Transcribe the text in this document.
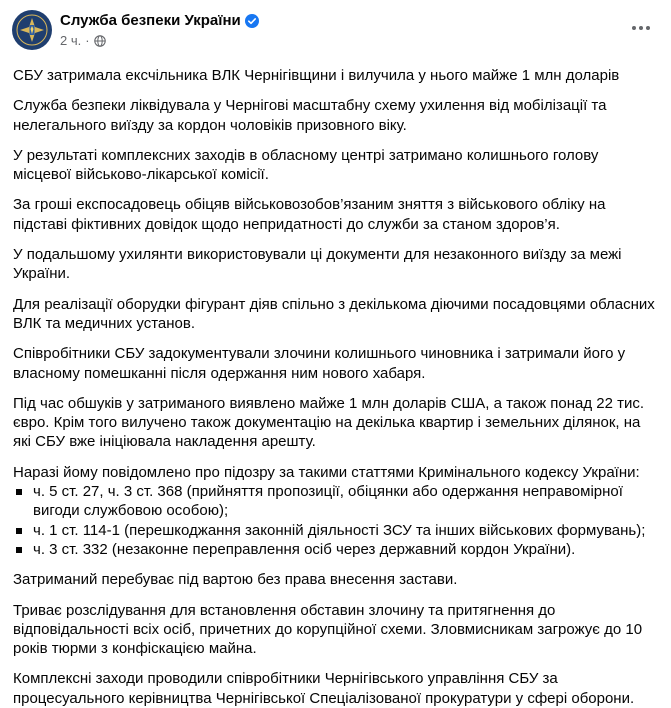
Служба безпеки України
2 ч. ·

СБУ затримала ексчільника ВЛК Чернігівщини і вилучила у нього майже 1 млн доларів

Служба безпеки ліквідувала у Чернігові масштабну схему ухилення від мобілізації та нелегального виїзду за кордон чоловіків призовного віку.

У результаті комплексних заходів в обласному центрі затримано колишнього голову місцевої військово-лікарської комісії.

За гроші експосадовець обіцяв військовозобов’язаним зняття з військового обліку на підставі фіктивних довідок щодо непридатності до служби за станом здоров’я.

У подальшому ухилянти використовували ці документи для незаконного виїзду за межі України.

Для реалізації оборудки фігурант діяв спільно з декількома діючими посадовцями обласних ВЛК та медичних установ.

Співробітники СБУ задокументували злочини колишнього чиновника і затримали його у власному помешканні після одержання ним нового хабаря.

Під час обшуків у затриманого виявлено майже 1 млн доларів США, а також понад 22 тис. євро. Крім того вилучено також документацію на декілька квартир і земельних ділянок, на які СБУ вже ініціювала накладення арешту.

Наразі йому повідомлено про підозру за такими статтями Кримінального кодексу України:
ч. 5 ст. 27, ч. 3 ст. 368 (прийняття пропозиції, обіцянки або одержання неправомірної вигоди службовою особою);
ч. 1 ст. 114-1 (перешкоджання законній діяльності ЗСУ та інших військових формувань);
ч. 3 ст. 332 (незаконне переправлення осіб через державний кордон України).

Затриманий перебуває під вартою без права внесення застави.

Триває розслідування для встановлення обставин злочину та притягнення до відповідальності всіх осіб, причетних до корупційної схеми. Зловмисникам загрожує до 10 років тюрми з конфіскацією майна.

Комплексні заходи проводили співробітники Чернігівського управління СБУ за процесуального керівництва Чернігівської Спеціалізованої прокуратури у сфері оборони.
